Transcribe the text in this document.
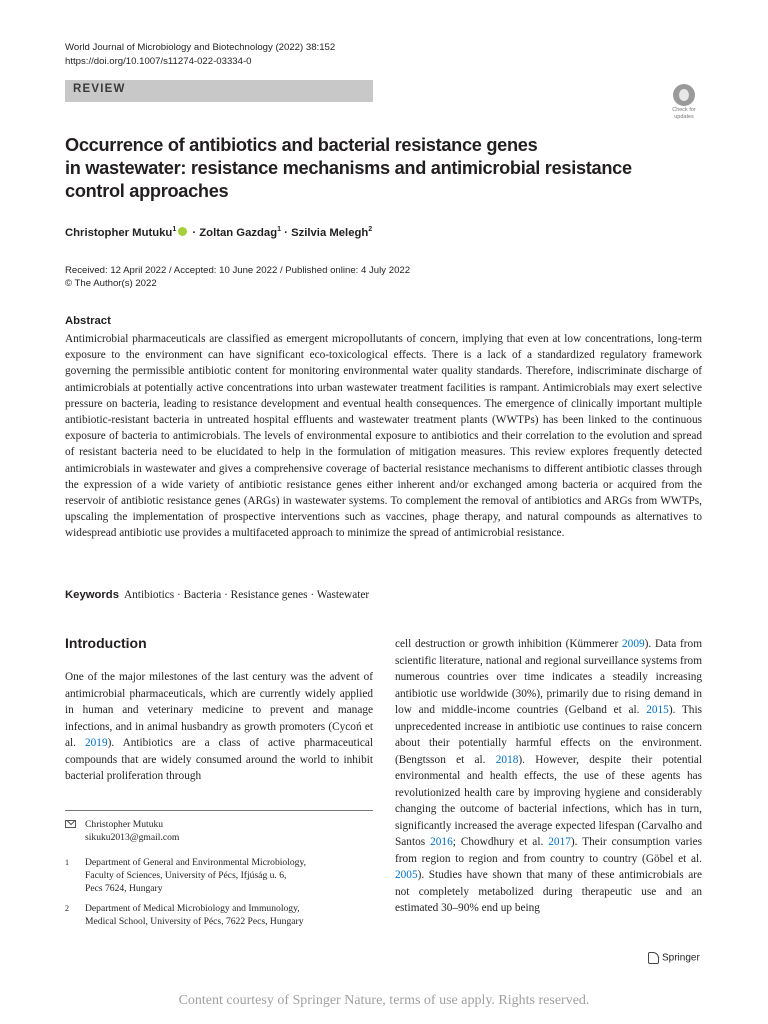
World Journal of Microbiology and Biotechnology (2022) 38:152
https://doi.org/10.1007/s11274-022-03334-0
REVIEW
Check for
updates
Occurrence of antibiotics and bacterial resistance genes
in wastewater: resistance mechanisms and antimicrobial resistance
control approaches
Christopher Mutuku$^1$ · Zoltan Gazdag$^1$ · Szilvia Melegh$^2$
Received: 12 April 2022 / Accepted: 10 June 2022 / Published online: 4 July 2022
© The Author(s) 2022
Abstract
Antimicrobial pharmaceuticals are classified as emergent micropollutants of concern, implying that even at low concentrations, long-term exposure to the environment can have significant eco-toxicological effects. There is a lack of a standardized regulatory framework governing the permissible antibiotic content for monitoring environmental water quality standards. Therefore, indiscriminate discharge of antimicrobials at potentially active concentrations into urban wastewater treatment facilities is rampant. Antimicrobials may exert selective pressure on bacteria, leading to resistance development and eventual health consequences. The emergence of clinically important multiple antibiotic-resistant bacteria in untreated hospital effluents and wastewater treatment plants (WWTPs) has been linked to the continuous exposure of bacteria to antimicrobials. The levels of environmental exposure to antibiotics and their correlation to the evolution and spread of resistant bacteria need to be elucidated to help in the formulation of mitigation measures. This review explores frequently detected antimicrobials in wastewater and gives a comprehensive coverage of bacterial resistance mechanisms to different antibiotic classes through the expression of a wide variety of antibiotic resistance genes either inherent and/or exchanged among bacteria or acquired from the reservoir of antibiotic resistance genes (ARGs) in wastewater systems. To complement the removal of antibiotics and ARGs from WWTPs, upscaling the implementation of prospective interventions such as vaccines, phage therapy, and natural compounds as alternatives to widespread antibiotic use provides a multifaceted approach to minimize the spread of antimicrobial resistance.
Keywords Antibiotics · Bacteria · Resistance genes · Wastewater
Introduction
One of the major milestones of the last century was the advent of antimicrobial pharmaceuticals, which are currently widely applied in human and veterinary medicine to prevent and manage infections, and in animal husbandry as growth promoters (Cycoń et al. 2019). Antibiotics are a class of active pharmaceutical compounds that are widely consumed around the world to inhibit bacterial proliferation through
cell destruction or growth inhibition (Kümmerer 2009). Data from scientific literature, national and regional surveillance systems from numerous countries over time indicates a steadily increasing antibiotic use worldwide (30%), primarily due to rising demand in low and middle-income countries (Gelband et al. 2015). This unprecedented increase in antibiotic use continues to raise concern about their potentially harmful effects on the environment. (Bengtsson et al. 2018). However, despite their potential environmental and health effects, the use of these agents has revolutionized health care by improving hygiene and considerably changing the outcome of bacterial infections, which has in turn, significantly increased the average expected lifespan (Carvalho and Santos 2016; Chowdhury et al. 2017). Their consumption varies from region to region and from country to country (Göbel et al. 2005). Studies have shown that many of these antimicrobials are not completely metabolized during therapeutic use and an estimated 30–90% end up being
Christopher Mutuku
sikuku2013@gmail.com
1 Department of General and Environmental Microbiology,
Faculty of Sciences, University of Pécs, Ifjúság u. 6,
Pecs 7624, Hungary
2 Department of Medical Microbiology and Immunology,
Medical School, University of Pécs, 7622 Pecs, Hungary
Springer
Content courtesy of Springer Nature, terms of use apply. Rights reserved.
